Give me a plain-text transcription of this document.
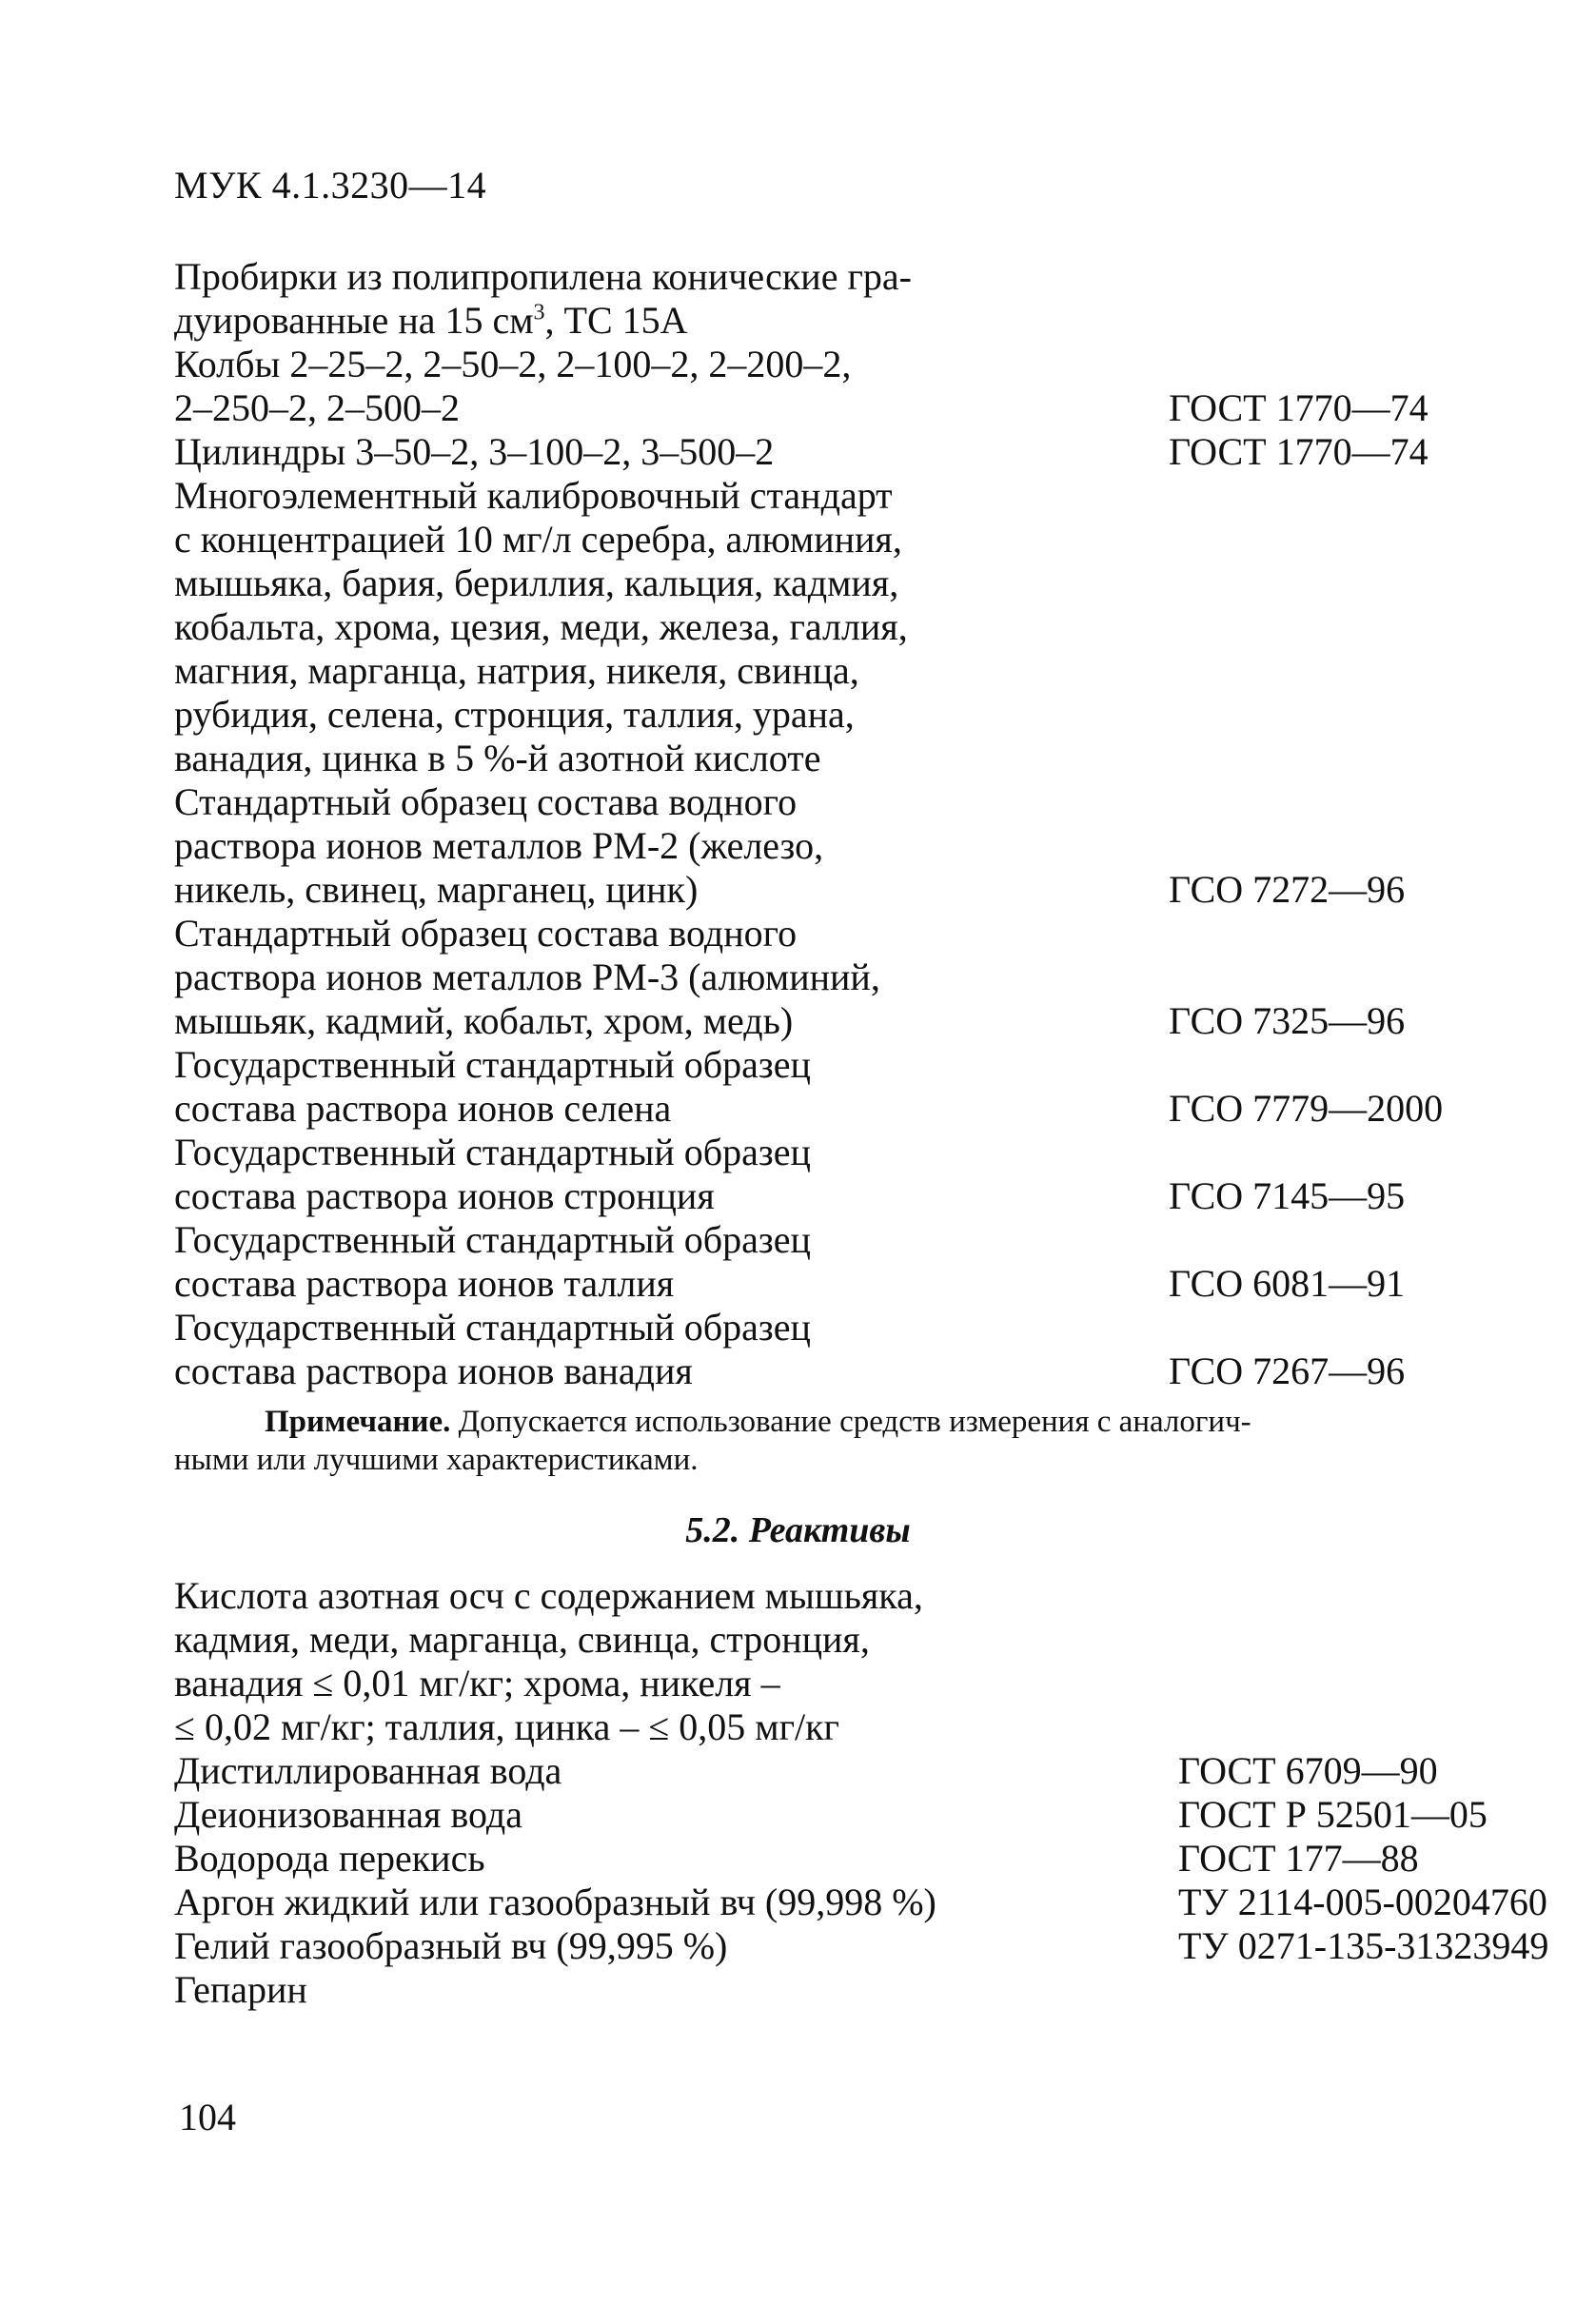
МУК 4.1.3230—14
Пробирки из полипропилена конические гра-
дуированные на 15 $см^3$, ТС 15А
Колбы 2–25–2, 2–50–2, 2–100–2, 2–200–2,
2–250–2, 2–500–2	ГОСТ 1770—74
Цилиндры 3–50–2, 3–100–2, 3–500–2	ГОСТ 1770—74
Многоэлементный калибровочный стандарт
с концентрацией 10 мг/л серебра, алюминия,
мышьяка, бария, бериллия, кальция, кадмия,
кобальта, хрома, цезия, меди, железа, галлия,
магния, марганца, натрия, никеля, свинца,
рубидия, селена, стронция, таллия, урана,
ванадия, цинка в 5 %-й азотной кислоте
Стандартный образец состава водного
раствора ионов металлов РМ-2 (железо,
никель, свинец, марганец, цинк)	ГСО 7272—96
Стандартный образец состава водного
раствора ионов металлов РМ-3 (алюминий,
мышьяк, кадмий, кобальт, хром, медь)	ГСО 7325—96
Государственный стандартный образец
состава раствора ионов селена	ГСО 7779—2000
Государственный стандартный образец
состава раствора ионов стронция	ГСО 7145—95
Государственный стандартный образец
состава раствора ионов таллия	ГСО 6081—91
Государственный стандартный образец
состава раствора ионов ванадия	ГСО 7267—96
Примечание. Допускается использование средств измерения с аналогич-
ными или лучшими характеристиками.
5.2. Реактивы
Кислота азотная осч с содержанием мышьяка,
кадмия, меди, марганца, свинца, стронция,
ванадия ≤ 0,01 мг/кг; хрома, никеля –
≤ 0,02 мг/кг; таллия, цинка – ≤ 0,05 мг/кг
Дистиллированная вода	ГОСТ 6709—90
Деионизованная вода	ГОСТ Р 52501—05
Водорода перекись	ГОСТ 177—88
Аргон жидкий или газообразный вч (99,998 %)	ТУ 2114-005-00204760
Гелий газообразный вч (99,995 %)	ТУ 0271-135-31323949
Гепарин
104
